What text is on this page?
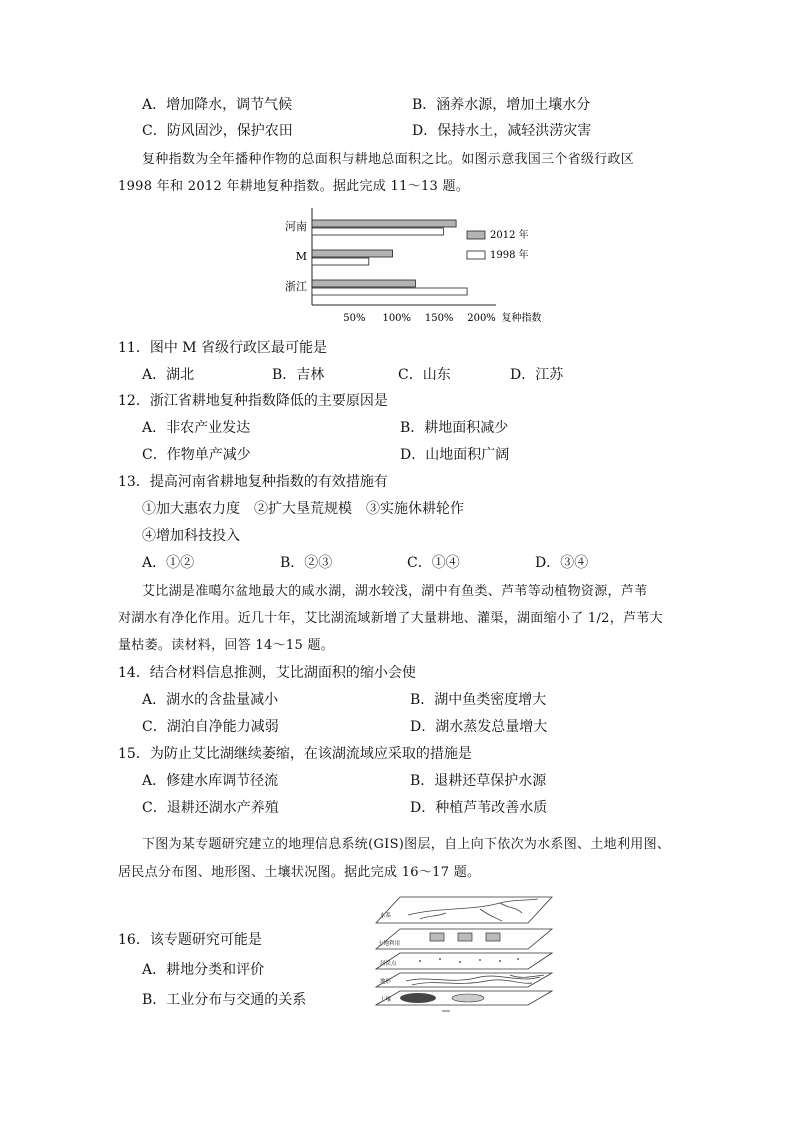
A．增加降水，调节气候	B．涵养水源，增加土壤水分
C．防风固沙，保护农田	D．保持水土，减轻洪涝灾害
复种指数为全年播种作物的总面积与耕地总面积之比。如图示意我国三个省级行政区
1998 年和 2012 年耕地复种指数。据此完成 11～13 题。
河南
M
浙江
50% 100% 150% 200% 复种指数
2012 年
1998 年
11．图中 M 省级行政区最可能是
A．湖北	B．吉林	C．山东	D．江苏
12．浙江省耕地复种指数降低的主要原因是
A．非农产业发达	B．耕地面积减少
C．作物单产减少	D．山地面积广阔
13．提高河南省耕地复种指数的有效措施有
①加大惠农力度　②扩大垦荒规模　③实施休耕轮作
④增加科技投入
A．①②	B．②③	C．①④	D．③④
艾比湖是准噶尔盆地最大的咸水湖，湖水较浅，湖中有鱼类、芦苇等动植物资源，芦苇
对湖水有净化作用。近几十年，艾比湖流域新增了大量耕地、灌渠，湖面缩小了 1/2，芦苇大
量枯萎。读材料，回答 14～15 题。
14．结合材料信息推测，艾比湖面积的缩小会使
A．湖水的含盐量减小	B．湖中鱼类密度增大
C．湖泊自净能力减弱	D．湖水蒸发总量增大
15．为防止艾比湖继续萎缩，在该湖流域应采取的措施是
A．修建水库调节径流	B．退耕还草保护水源
C．退耕还湖水产养殖	D．种植芦苇改善水质
下图为某专题研究建立的地理信息系统(GIS)图层，自上向下依次为水系图、土地利用图、
居民点分布图、地形图、土壤状况图。据此完成 16～17 题。
16．该专题研究可能是
A．耕地分类和评价
B．工业分布与交通的关系
水系
土地利用
居民点
地形
土壤
